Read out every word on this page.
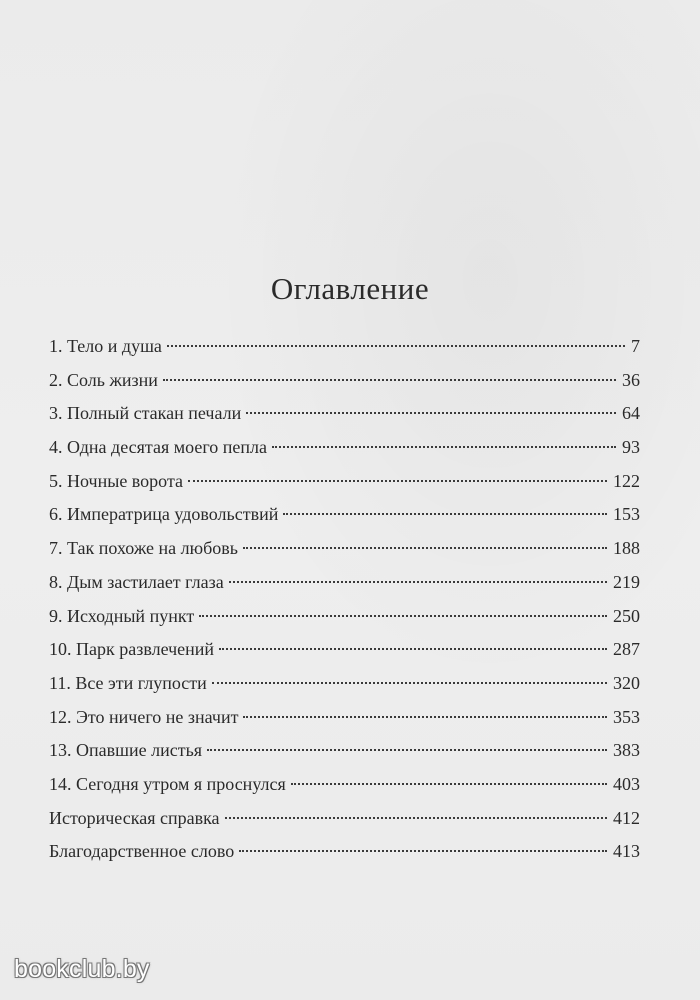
Оглавление
1. Тело и душа	7
2. Соль жизни	36
3. Полный стакан печали	64
4. Одна десятая моего пепла	93
5. Ночные ворота	122
6. Императрица удовольствий	153
7. Так похоже на любовь	188
8. Дым застилает глаза	219
9. Исходный пункт	250
10. Парк развлечений	287
11. Все эти глупости	320
12. Это ничего не значит	353
13. Опавшие листья	383
14. Сегодня утром я проснулся	403
Историческая справка	412
Благодарственное слово	413
bookclub.by
